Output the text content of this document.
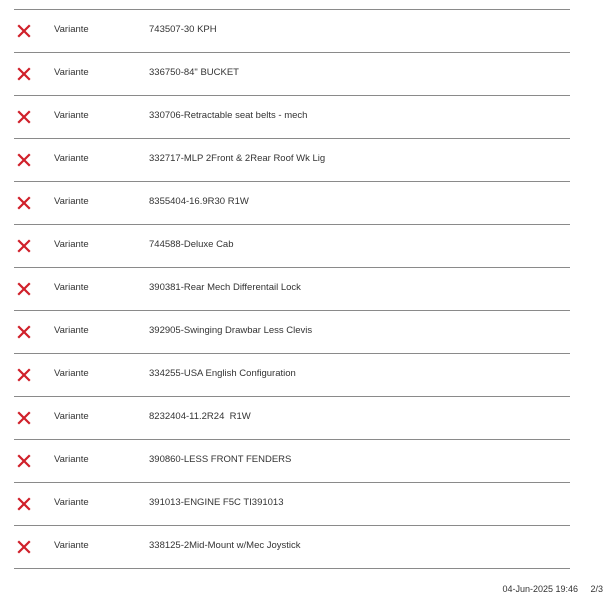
Variante	743507-30 KPH
Variante	336750-84" BUCKET
Variante	330706-Retractable seat belts - mech
Variante	332717-MLP 2Front & 2Rear Roof Wk Lig
Variante	8355404-16.9R30 R1W
Variante	744588-Deluxe Cab
Variante	390381-Rear Mech Differentail Lock
Variante	392905-Swinging Drawbar Less Clevis
Variante	334255-USA English Configuration
Variante	8232404-11.2R24  R1W
Variante	390860-LESS FRONT FENDERS
Variante	391013-ENGINE F5C TI391013
Variante	338125-2Mid-Mount w/Mec Joystick
04-Jun-2025 19:46 2/3
